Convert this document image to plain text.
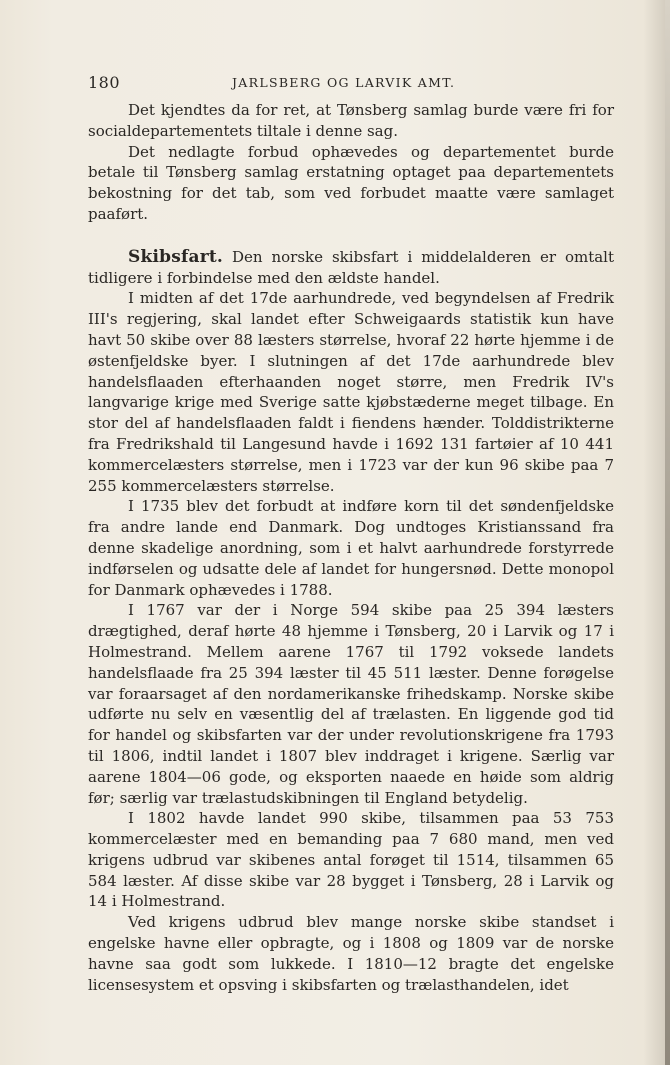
180	JARLSBERG OG LARVIK AMT.

Det kjendtes da for ret, at Tønsberg samlag burde være fri for socialdepartementets tiltale i denne sag.

Det nedlagte forbud ophævedes og departementet burde betale til Tønsberg samlag erstatning optaget paa departementets bekostning for det tab, som ved forbudet maatte være samlaget paaført.

Skibsfart. Den norske skibsfart i middelalderen er omtalt tidligere i forbindelse med den ældste handel.

I midten af det 17de aarhundrede, ved begyndelsen af Fredrik III's regjering, skal landet efter Schweigaards statistik kun have havt 50 skibe over 88 læsters størrelse, hvoraf 22 hørte hjemme i de østenfjeldske byer. I slutningen af det 17de aarhundrede blev handelsflaaden efterhaanden noget større, men Fredrik IV's langvarige krige med Sverige satte kjøbstæderne meget tilbage. En stor del af handelsflaaden faldt i fiendens hænder. Tolddistrikterne fra Fredrikshald til Langesund havde i 1692 131 fartøier af 10 441 kommercelæsters størrelse, men i 1723 var der kun 96 skibe paa 7 255 kommercelæsters størrelse.

I 1735 blev det forbudt at indføre korn til det søndenfjeldske fra andre lande end Danmark. Dog undtoges Kristianssand fra denne skadelige anordning, som i et halvt aarhundrede forstyrrede indførselen og udsatte dele af landet for hungersnød. Dette monopol for Danmark ophævedes i 1788.

I 1767 var der i Norge 594 skibe paa 25 394 læsters drægtighed, deraf hørte 48 hjemme i Tønsberg, 20 i Larvik og 17 i Holmestrand. Mellem aarene 1767 til 1792 voksede landets handelsflaade fra 25 394 læster til 45 511 læster. Denne forøgelse var foraarsaget af den nordamerikanske frihedskamp. Norske skibe udførte nu selv en væsentlig del af trælasten. En liggende god tid for handel og skibsfarten var der under revolutionskrigene fra 1793 til 1806, indtil landet i 1807 blev inddraget i krigene. Særlig var aarene 1804—06 gode, og eksporten naaede en høide som aldrig før; særlig var trælastudskibningen til England betydelig.

I 1802 havde landet 990 skibe, tilsammen paa 53 753 kommercelæster med en bemanding paa 7 680 mand, men ved krigens udbrud var skibenes antal forøget til 1514, tilsammen 65 584 læster. Af disse skibe var 28 bygget i Tønsberg, 28 i Larvik og 14 i Holmestrand.

Ved krigens udbrud blev mange norske skibe standset i engelske havne eller opbragte, og i 1808 og 1809 var de norske havne saa godt som lukkede. I 1810—12 bragte det engelske licensesystem et opsving i skibsfarten og trælasthandelen, idet
